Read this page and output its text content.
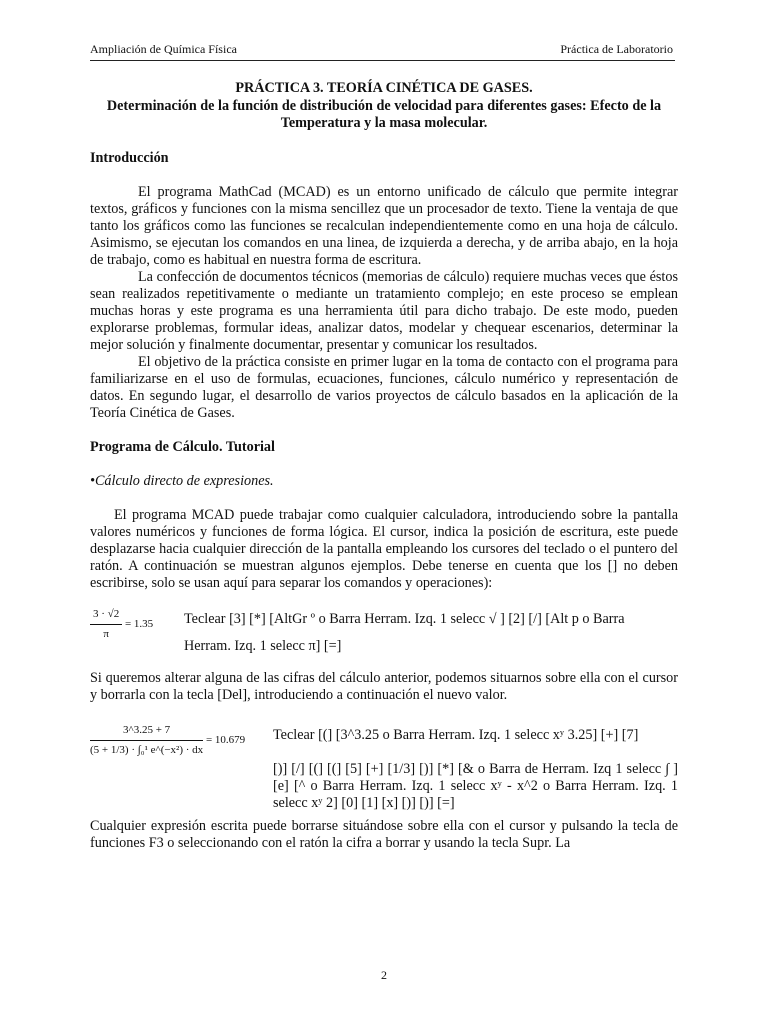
Ampliación de Química Física	Práctica de Laboratorio

PRÁCTICA 3. TEORÍA CINÉTICA DE GASES.

Determinación de la función de distribución de velocidad para diferentes gases: Efecto de la Temperatura y la masa molecular.

Introducción

El programa MathCad (MCAD) es un entorno unificado de cálculo que permite integrar textos, gráficos y funciones con la misma sencillez que un procesador de texto. Tiene la ventaja de que tanto los gráficos como las funciones se recalculan independientemente como en una hoja de cálculo. Asimismo, se ejecutan los comandos en una linea, de izquierda a derecha, y de arriba abajo, en la hoja de trabajo, como es habitual en nuestra forma de escritura.

La confección de documentos técnicos (memorias de cálculo) requiere muchas veces que éstos sean realizados repetitivamente o mediante un tratamiento complejo; en este proceso se emplean muchas horas y este programa es una herramienta útil para dicho trabajo. De este modo, pueden explorarse problemas, formular ideas, analizar datos, modelar y chequear escenarios, determinar la mejor solución y finalmente documentar, presentar y comunicar los resultados.

El objetivo de la práctica consiste en primer lugar en la toma de contacto con el programa para familiarizarse en el uso de formulas, ecuaciones, funciones, cálculo numérico y representación de datos. En segundo lugar, el desarrollo de varios proyectos de cálculo basados en la aplicación de la Teoría Cinética de Gases.

Programa de Cálculo. Tutorial

•Cálculo directo de expresiones.

El programa MCAD puede trabajar como cualquier calculadora, introduciendo sobre la pantalla valores numéricos y funciones de forma lógica. El cursor, indica la posición de escritura, este puede desplazarse hacia cualquier dirección de la pantalla empleando los cursores del teclado o el puntero del ratón. A continuación se muestran algunos ejemplos. Debe tenerse en cuenta que los [] no deben escribirse, solo se usan aquí para separar los comandos y operaciones):

$\frac{3 \cdot √2}{\pi} = 1.35$ Teclear [3] [*] [AltGr º o Barra Herram. Izq. 1 selecc √ ] [2] [/] [Alt p o Barra
Herram. Izq. 1 selecc π] [=]

Si queremos alterar alguna de las cifras del cálculo anterior, podemos situarnos sobre ella con el cursor y borrarla con la tecla [Del], introduciendo a continuación el nuevo valor.

$\frac{3\^{}3.25 + 7}{\text{(5 + 1/3) · ∫₀¹ e\textasciicircum{}(−x²) · dx}} = 10.679$ Teclear [(] [3^3.25 o Barra Herram. Izq. 1 selecc xʸ 3.25] [+] [7]
[)] [/] [(] [(] [5] [+] [1/3] [)] [*] [& o Barra de Herram. Izq 1 selecc ∫ ] [e] [^ o Barra Herram. Izq. 1 selecc xʸ - x^2 o Barra Herram. Izq. 1 selecc xʸ 2] [0] [1] [x] [)] [)] [=]

Cualquier expresión escrita puede borrarse situándose sobre ella con el cursor y pulsando la tecla de funciones F3 o seleccionando con el ratón la cifra a borrar y usando la tecla Supr. La

2
